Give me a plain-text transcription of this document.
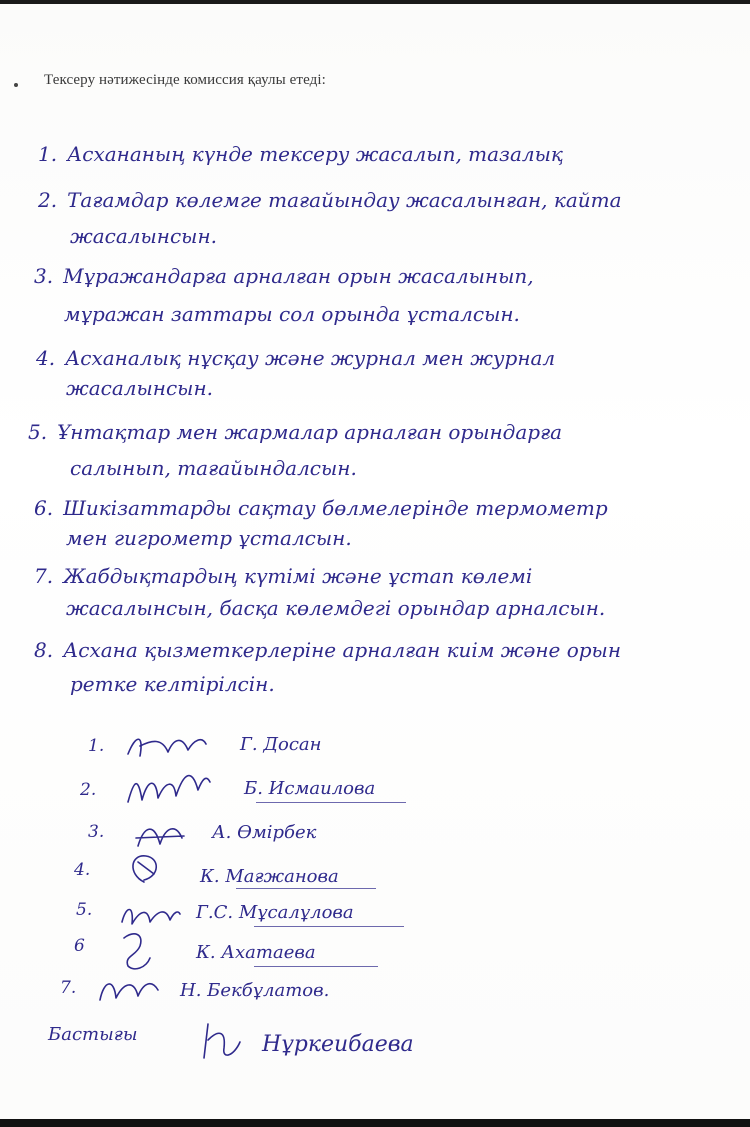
Тексеру нәтижесінде комиссия қаулы етеді:
1. Асхананың күнде тексеру жасалып, тазалық
2. Тағамдар көлемге тағайындау жасалынған, кайта
жасалынсын.
3. Мұражандарға арналған орын жасалынып,
мұражан заттары сол орында ұсталсын.
4. Асханалық нұсқау және журнал мен журнал
жасалынсын.
5. Ұнтақтар мен жармалар арналған орындарға
салынып, тағайындалсын.
6. Шикізаттарды сақтау бөлмелерінде термометр
мен гигрометр ұсталсын.
7. Жабдықтардың күтімі және ұстап көлемі
жасалынсын, басқа көлемдегі орындар арналсын.
8. Асхана қызметкерлеріне арналған киім және орын
ретке келтірілсін.
1.	Г. Досан
2.	Б. Исмаилова
3.	А. Өмірбек
4.	К. Мағжанова
5.	Г.С. Мұсалұлова
6	К. Ахатаева
7.	Н. Бекбұлатов.
Бастығы	Нұркеибаева
